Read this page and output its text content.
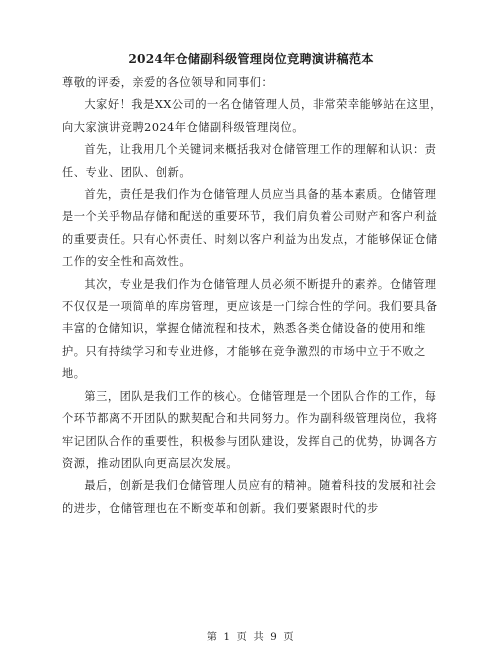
2024年仓储副科级管理岗位竞聘演讲稿范本

尊敬的评委，亲爱的各位领导和同事们：

大家好！我是XX公司的一名仓储管理人员，非常荣幸能够站在这里，向大家演讲竞聘2024年仓储副科级管理岗位。

首先，让我用几个关键词来概括我对仓储管理工作的理解和认识：责任、专业、团队、创新。

首先，责任是我们作为仓储管理人员应当具备的基本素质。仓储管理是一个关乎物品存储和配送的重要环节，我们肩负着公司财产和客户利益的重要责任。只有心怀责任、时刻以客户利益为出发点，才能够保证仓储工作的安全性和高效性。

其次，专业是我们作为仓储管理人员必须不断提升的素养。仓储管理不仅仅是一项简单的库房管理，更应该是一门综合性的学问。我们要具备丰富的仓储知识，掌握仓储流程和技术，熟悉各类仓储设备的使用和维护。只有持续学习和专业进修，才能够在竞争激烈的市场中立于不败之地。

第三，团队是我们工作的核心。仓储管理是一个团队合作的工作，每个环节都离不开团队的默契配合和共同努力。作为副科级管理岗位，我将牢记团队合作的重要性，积极参与团队建设，发挥自己的优势，协调各方资源，推动团队向更高层次发展。

最后，创新是我们仓储管理人员应有的精神。随着科技的发展和社会的进步，仓储管理也在不断变革和创新。我们要紧跟时代的步

第 1 页 共 9 页
